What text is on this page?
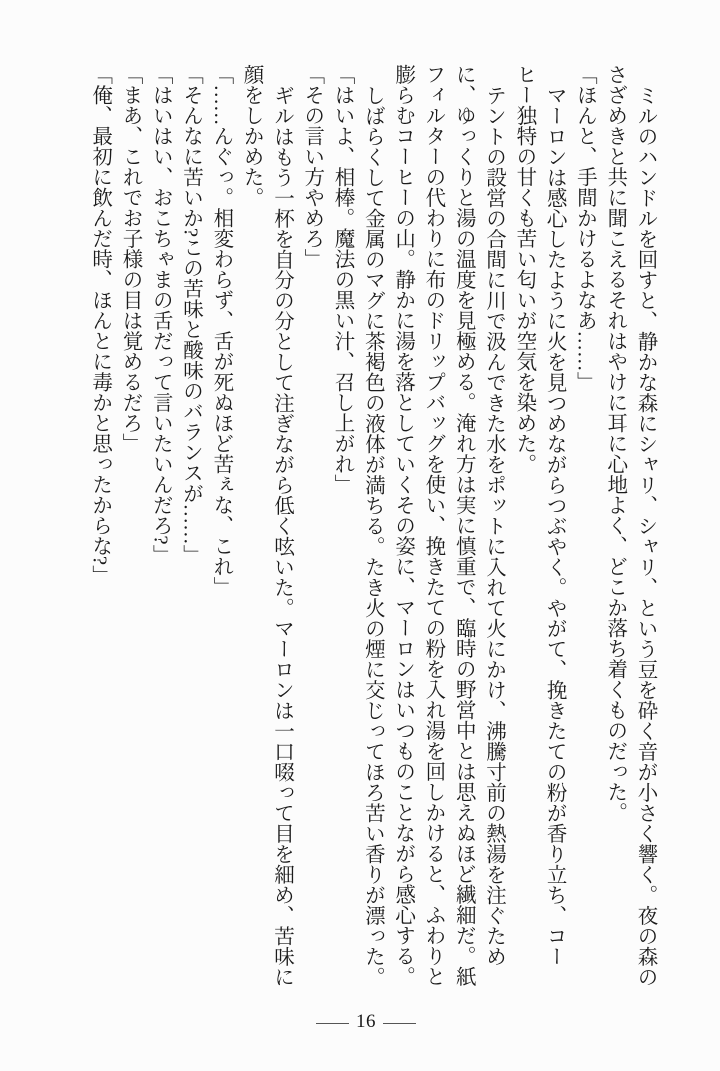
ミルのハンドルを回すと、静かな森にシャリ、シャリ、という豆を砕く音が小さく響く。夜の森のさざめきと共に聞こえるそれはやけに耳に心地よく、どこか落ち着くものだった。

「ほんと、手間かけるよなあ……」

マーロンは感心したように火を見つめながらつぶやく。やがて、挽きたての粉が香り立ち、コーヒー独特の甘くも苦い匂いが空気を染めた。

テントの設営の合間に川で汲んできた水をポットに入れて火にかけ、沸騰寸前の熱湯を注ぐために、ゆっくりと湯の温度を見極める。淹れ方は実に慎重で、臨時の野営中とは思えぬほど繊細だ。紙フィルターの代わりに布のドリップバッグを使い、挽きたての粉を入れ湯を回しかけると、ふわりと膨らむコーヒーの山。静かに湯を落としていくその姿に、マーロンはいつものことながら感心する。

しばらくして金属のマグに茶褐色の液体が満ちる。たき火の煙に交じってほろ苦い香りが漂った。

「はいよ、相棒。魔法の黒い汁、召し上がれ」

「その言い方やめろ」

ギルはもう一杯を自分の分として注ぎながら低く呟いた。マーロンは一口啜って目を細め、苦味に顔をしかめた。

「……んぐっ。相変わらず、舌が死ぬほど苦ぇな、これ」

「そんなに苦いか?この苦味と酸味のバランスが……」

「はいはい、おこちゃまの舌だって言いたいんだろ?」

「まあ、これでお子様の目は覚めるだろ」

「俺、最初に飲んだ時、ほんとに毒かと思ったからな?」

16
